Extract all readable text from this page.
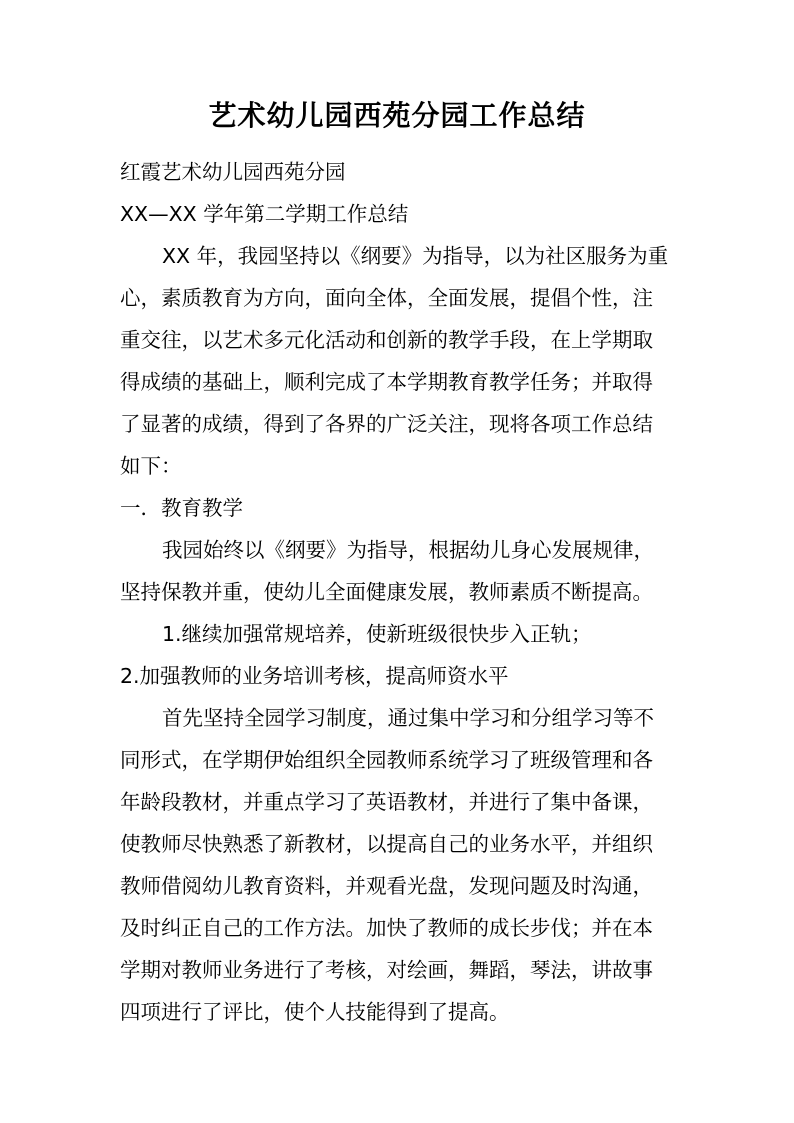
艺术幼儿园西苑分园工作总结
红霞艺术幼儿园西苑分园
XX—XX 学年第二学期工作总结
XX 年，我园坚持以《纲要》为指导，以为社区服务为重
心，素质教育为方向，面向全体，全面发展，提倡个性，注
重交往，以艺术多元化活动和创新的教学手段，在上学期取
得成绩的基础上，顺利完成了本学期教育教学任务；并取得
了显著的成绩，得到了各界的广泛关注，现将各项工作总结
如下：
一．教育教学
我园始终以《纲要》为指导，根据幼儿身心发展规律，
坚持保教并重，使幼儿全面健康发展，教师素质不断提高。
1.继续加强常规培养，使新班级很快步入正轨；
2.加强教师的业务培训考核，提高师资水平
首先坚持全园学习制度，通过集中学习和分组学习等不
同形式，在学期伊始组织全园教师系统学习了班级管理和各
年龄段教材，并重点学习了英语教材，并进行了集中备课，
使教师尽快熟悉了新教材，以提高自己的业务水平，并组织
教师借阅幼儿教育资料，并观看光盘，发现问题及时沟通，
及时纠正自己的工作方法。加快了教师的成长步伐；并在本
学期对教师业务进行了考核，对绘画，舞蹈，琴法，讲故事
四项进行了评比，使个人技能得到了提高。
